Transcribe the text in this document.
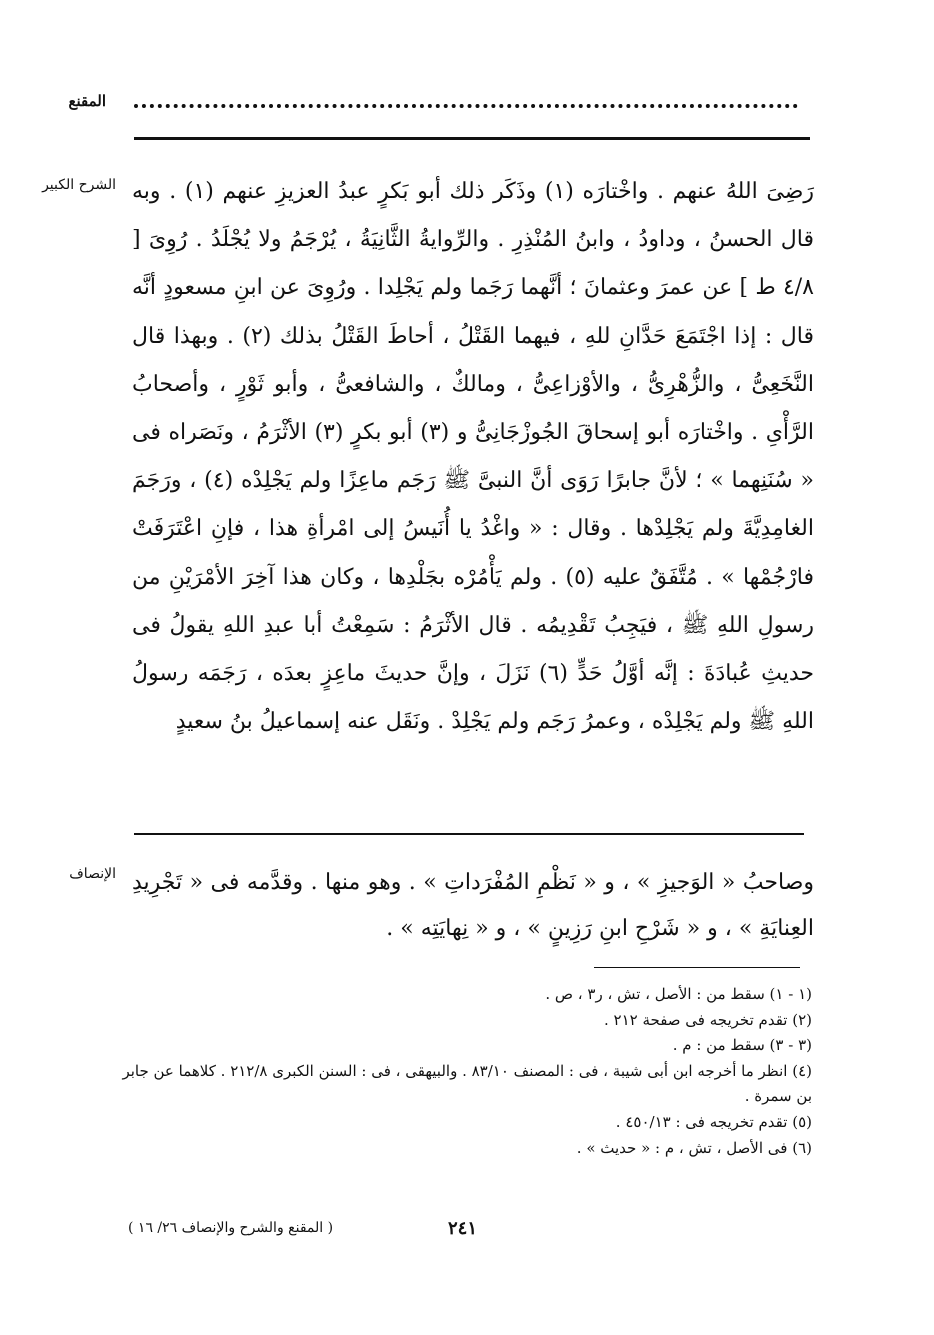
المقنع
الشرح الكبير رَضِىَ اللهُ عنهم . واخْتارَه (١) وذَكَر ذلك أبو بَكرٍ عبدُ العزيزِ عنهم (١) . وبه قال الحسنُ ، وداودُ ، وابنُ المُنْذِرِ . والرِّوايةُ الثَّانِيَةُ ، يُرْجَمُ ولا يُجْلَدُ . رُوِىَ [ ٤/٨ ط ] عن عمرَ وعثمانَ ؛ أنَّهما رَجَما ولم يَجْلِدا . ورُوِىَ عن ابنِ مسعودٍ أنَّه قال : إذا اجْتَمَعَ حَدَّانِ للهِ ، فيهما القَتْلُ ، أحاطَ القَتْلُ بذلك (٢) . وبهذا قال النَّخَعِىُّ ، والزُّهْرِىُّ ، والأوْزاعِىُّ ، ومالكٌ ، والشافعىُّ ، وأبو ثَوْرٍ ، وأصحابُ الرَّأْىِ . واخْتارَه أبو إسحاقَ الجُوزْجَانِىُّ و (٣) أبو بكرٍ (٣) الأثْرَمُ ، ونَصَراه فى « سُنَنِهما » ؛ لأنَّ جابرًا رَوَى أنَّ النبىَّ ﷺ رَجَم ماعِزًا ولم يَجْلِدْه (٤) ، ورَجَمَ الغامِدِيَّةَ ولم يَجْلِدْها . وقال : « واغْدُ يا أُنَيسُ إلى امْرأةِ هذا ، فإنِ اعْتَرَفَتْ فارْجُمْها » . مُتَّفَقٌ عليه (٥) . ولم يَأْمُرْه بجَلْدِها ، وكان هذا آخِرَ الأمْرَيْنِ من رسولِ اللهِ ﷺ ، فيَجِبُ تَقْدِيمُه . قال الأثْرَمُ : سَمِعْتُ أبا عبدِ اللهِ يقولُ فى حديثِ عُبادَةَ : إنَّه أوَّلُ حَدٍّ (٦) نَزَلَ ، وإنَّ حديثَ ماعِزٍ بعدَه ، رَجَمَه رسولُ اللهِ ﷺ ولم يَجْلِدْه ، وعمرُ رَجَم ولم يَجْلِدْ . ونَقَل عنه إسماعيلُ بنُ سعيدٍ

الإنصاف وصاحبُ « الوَجيزِ » ، و « نَظْمِ المُفْرَداتِ » . وهو منها . وقدَّمه فى « تَجْرِيدِ العِنايَةِ » ، و « شَرْحِ ابنِ رَزِينٍ » ، و « نِهايَتِه » .

(١ - ١) سقط من : الأصل ، تش ، ر٣ ، ص .

(٢) تقدم تخريجه فى صفحة ٢١٢ .

(٣ - ٣) سقط من : م .

(٤) انظر ما أخرجه ابن أبى شيبة ، فى : المصنف ٨٣/١٠ . والبيهقى ، فى : السنن الكبرى ٢١٢/٨ . كلاهما عن جابر بن سمرة .

(٥) تقدم تخريجه فى : ٤٥٠/١٣ .

(٦) فى الأصل ، تش ، م : « حديث » .

٢٤١
( المقنع والشرح والإنصاف ٢٦/ ١٦ )
